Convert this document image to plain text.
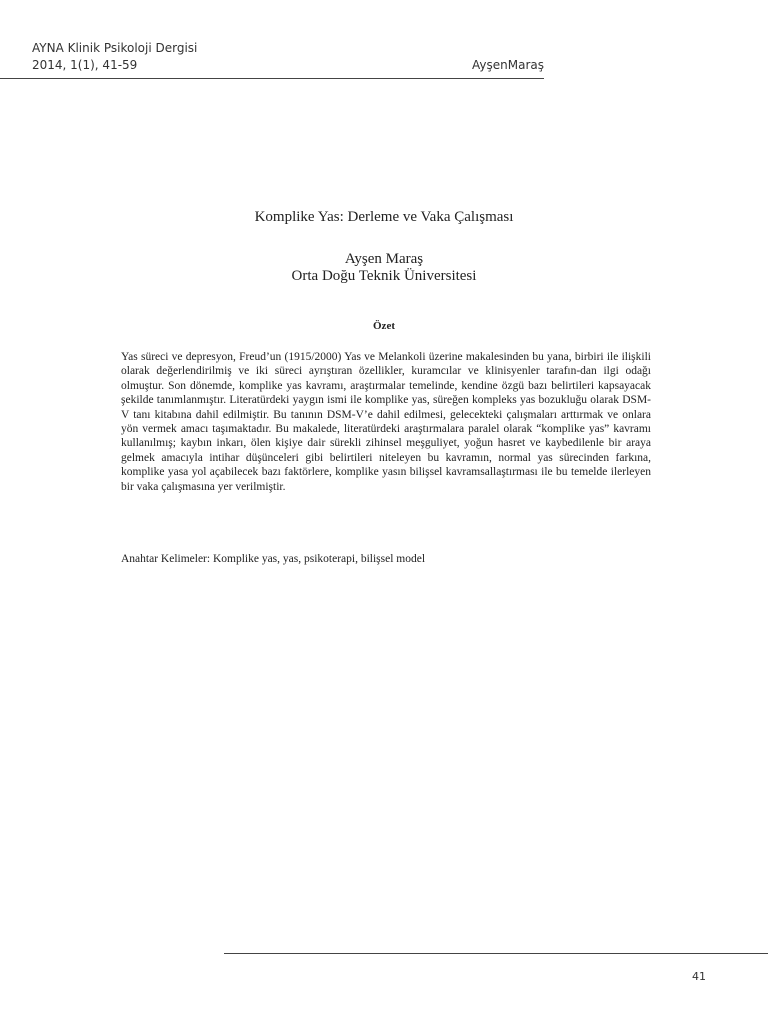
AYNA Klinik Psikoloji Dergisi
2014, 1(1), 41-59	AyşenMaraş
Komplike Yas: Derleme ve Vaka Çalışması
Ayşen Maraş
Orta Doğu Teknik Üniversitesi
Özet
Yas süreci ve depresyon, Freud’un (1915/2000) Yas ve Melankoli üzerine makalesinden bu yana, birbiri ile ilişkili olarak değerlendirilmiş ve iki süreci ayrıştıran özellikler, kuramcılar ve klinisyenler tarafın-dan ilgi odağı olmuştur. Son dönemde, komplike yas kavramı, araştırmalar temelinde, kendine özgü bazı belirtileri kapsayacak şekilde tanımlanmıştır. Literatürdeki yaygın ismi ile komplike yas, süreğen kompleks yas bozukluğu olarak DSM-V tanı kitabına dahil edilmiştir. Bu tanının DSM-V’e dahil edilmesi, gelecekteki çalışmaları arttırmak ve onlara yön vermek amacı taşımaktadır. Bu makalede, literatürdeki araştırmalara paralel olarak “komplike yas” kavramı kullanılmış; kaybın inkarı, ölen kişiye dair sürekli zihinsel meşguliyet, yoğun hasret ve kaybedilenle bir araya gelmek amacıyla intihar düşünceleri gibi belirtileri niteleyen bu kavramın, normal yas sürecinden farkına, komplike yasa yol açabilecek bazı faktörlere, komplike yasın bilişsel kavramsallaştırması ile bu temelde ilerleyen bir vaka çalışmasına yer verilmiştir.
Anahtar Kelimeler: Komplike yas, yas, psikoterapi, bilişsel model
41
